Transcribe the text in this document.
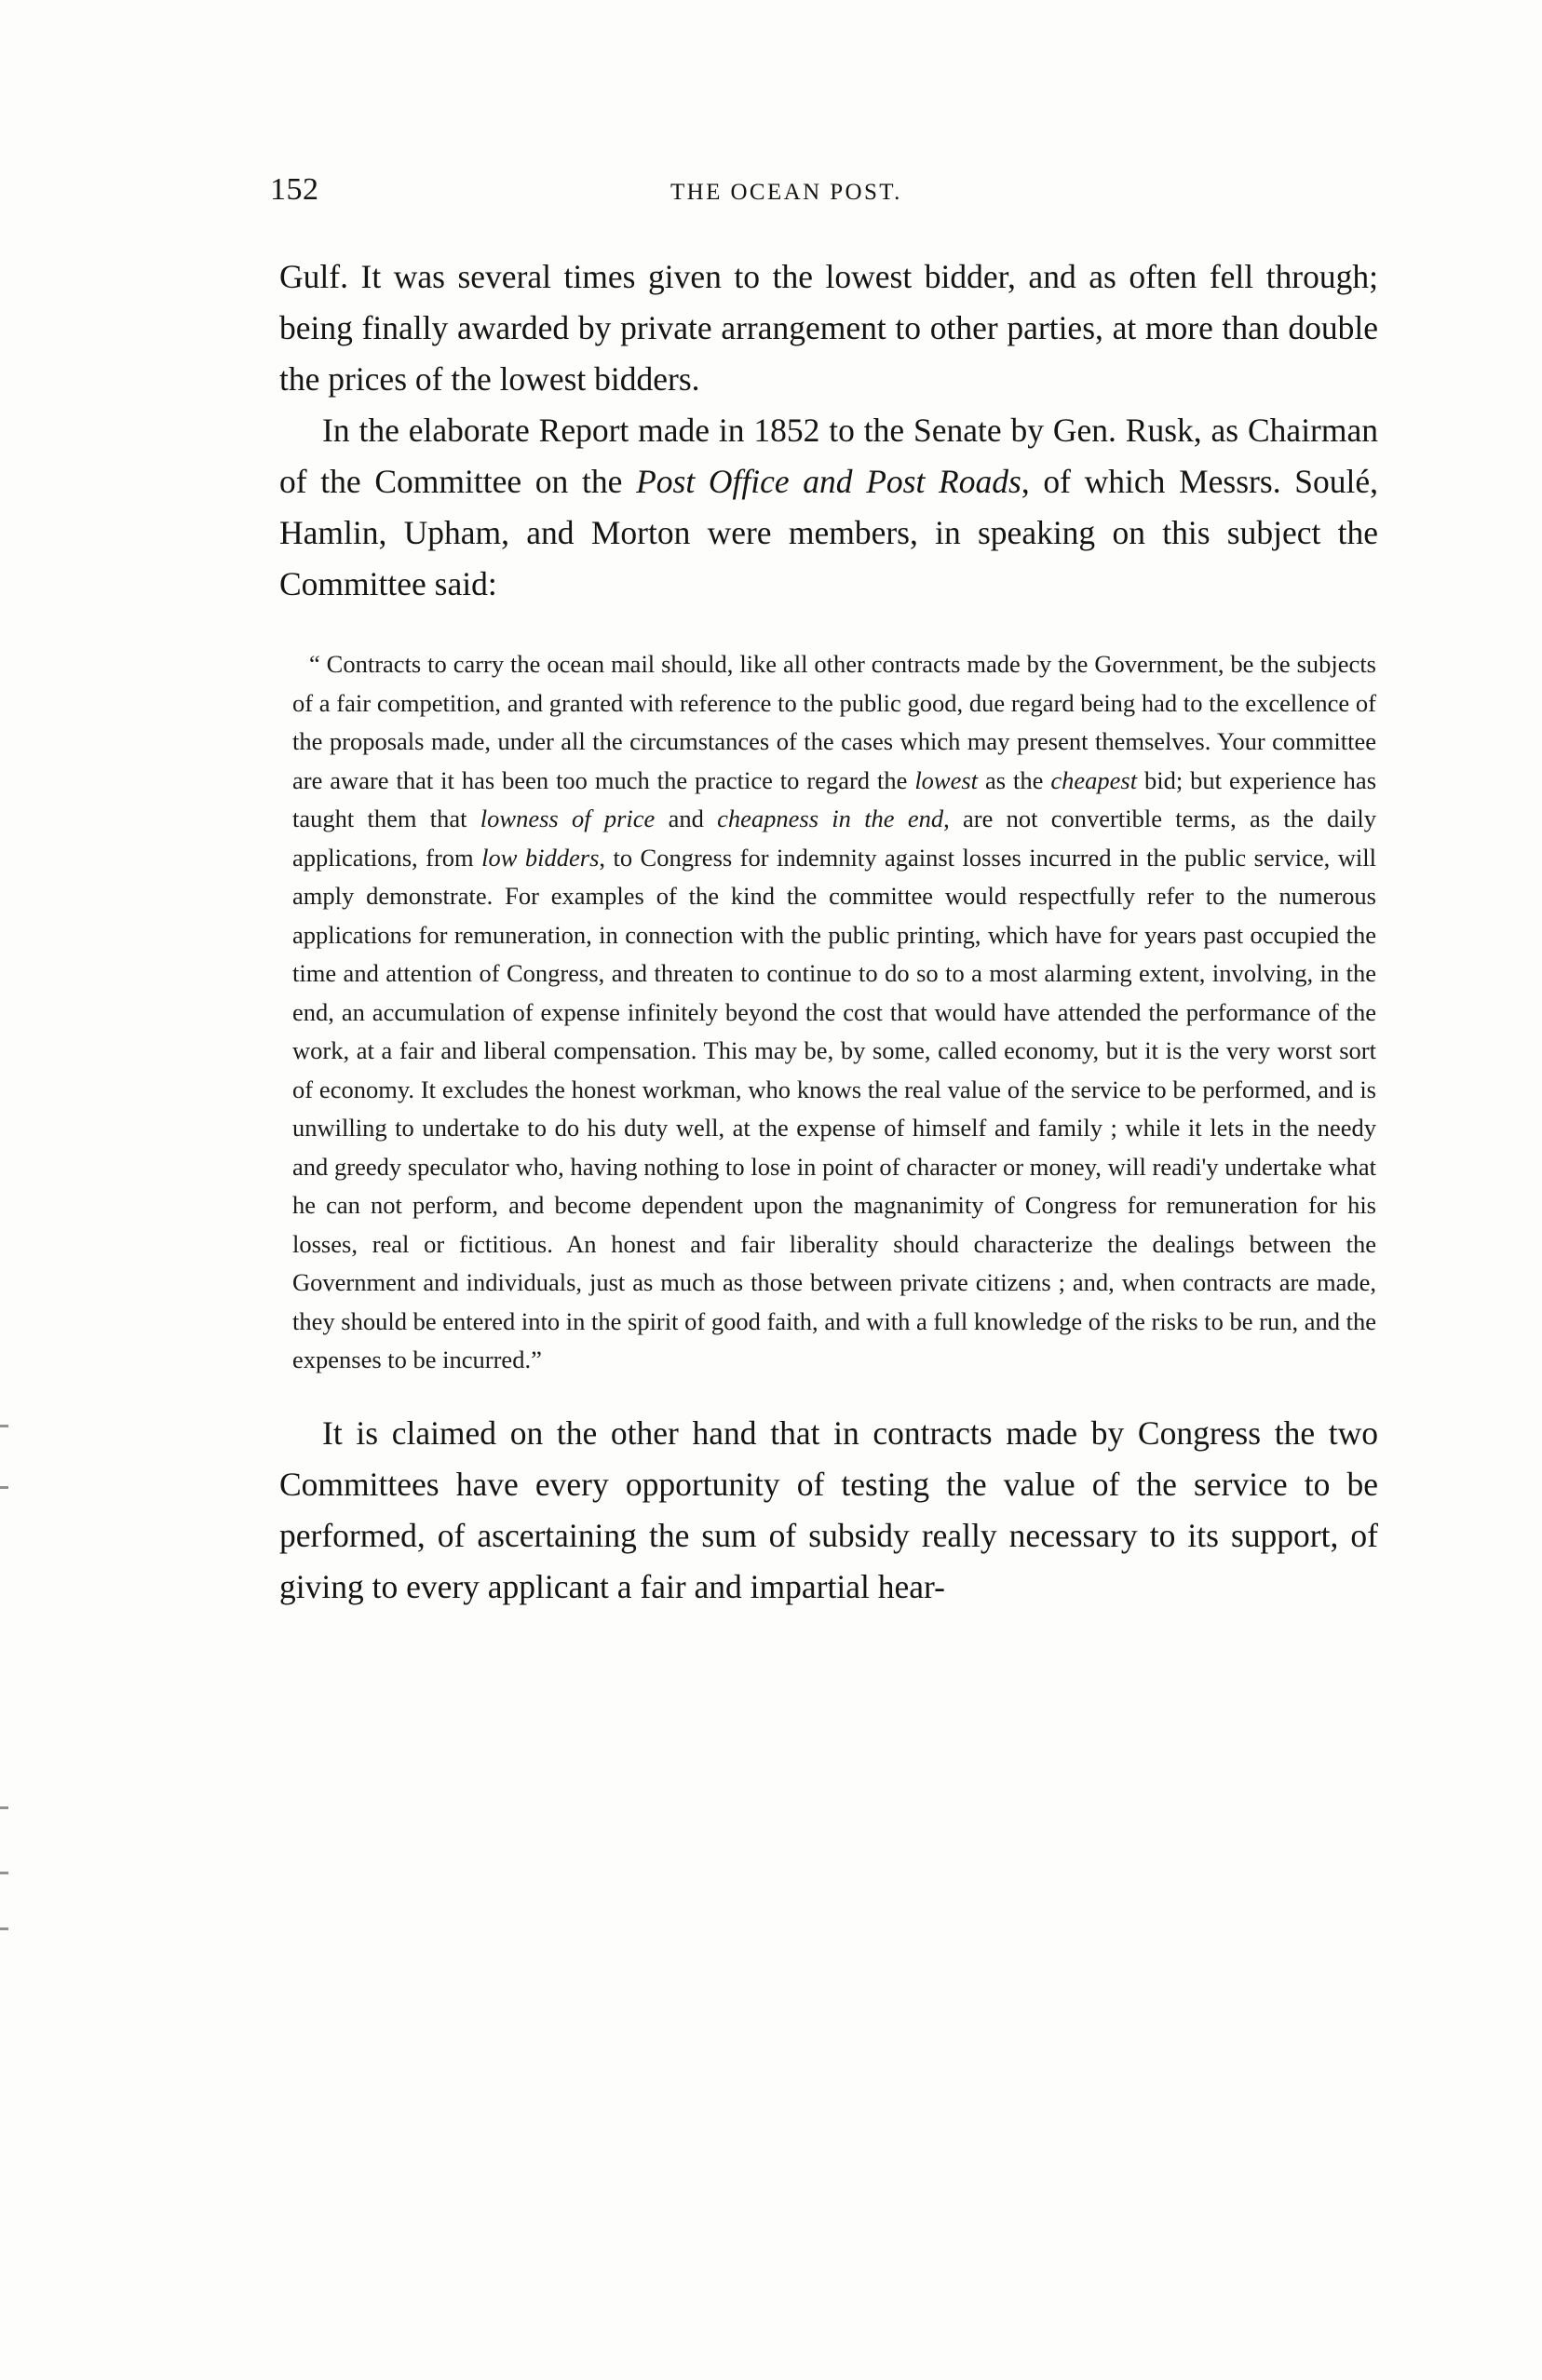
152	THE OCEAN POST.

Gulf. It was several times given to the lowest bidder, and as often fell through; being finally awarded by private arrangement to other parties, at more than double the prices of the lowest bidders.

In the elaborate Report made in 1852 to the Senate by Gen. Rusk, as Chairman of the Committee on the Post Office and Post Roads, of which Messrs. Soulé, Hamlin, Upham, and Morton were members, in speaking on this subject the Committee said:

“ Contracts to carry the ocean mail should, like all other contracts made by the Government, be the subjects of a fair competition, and granted with reference to the public good, due regard being had to the excellence of the proposals made, under all the circumstances of the cases which may present themselves. Your committee are aware that it has been too much the practice to regard the lowest as the cheapest bid; but experience has taught them that lowness of price and cheapness in the end, are not convertible terms, as the daily applications, from low bidders, to Congress for indemnity against losses incurred in the public service, will amply demonstrate. For examples of the kind the committee would respectfully refer to the numerous applications for remuneration, in connection with the public printing, which have for years past occupied the time and attention of Congress, and threaten to continue to do so to a most alarming extent, involving, in the end, an accumulation of expense infinitely beyond the cost that would have attended the performance of the work, at a fair and liberal compensation. This may be, by some, called economy, but it is the very worst sort of economy. It excludes the honest workman, who knows the real value of the service to be performed, and is unwilling to undertake to do his duty well, at the expense of himself and family ; while it lets in the needy and greedy speculator who, having nothing to lose in point of character or money, will readi'y undertake what he can not perform, and become dependent upon the magnanimity of Congress for remuneration for his losses, real or fictitious. An honest and fair liberality should characterize the dealings between the Government and individuals, just as much as those between private citizens ; and, when contracts are made, they should be entered into in the spirit of good faith, and with a full knowledge of the risks to be run, and the expenses to be incurred.”

It is claimed on the other hand that in contracts made by Congress the two Committees have every opportunity of testing the value of the service to be performed, of ascertaining the sum of subsidy really necessary to its support, of giving to every applicant a fair and impartial hear-
